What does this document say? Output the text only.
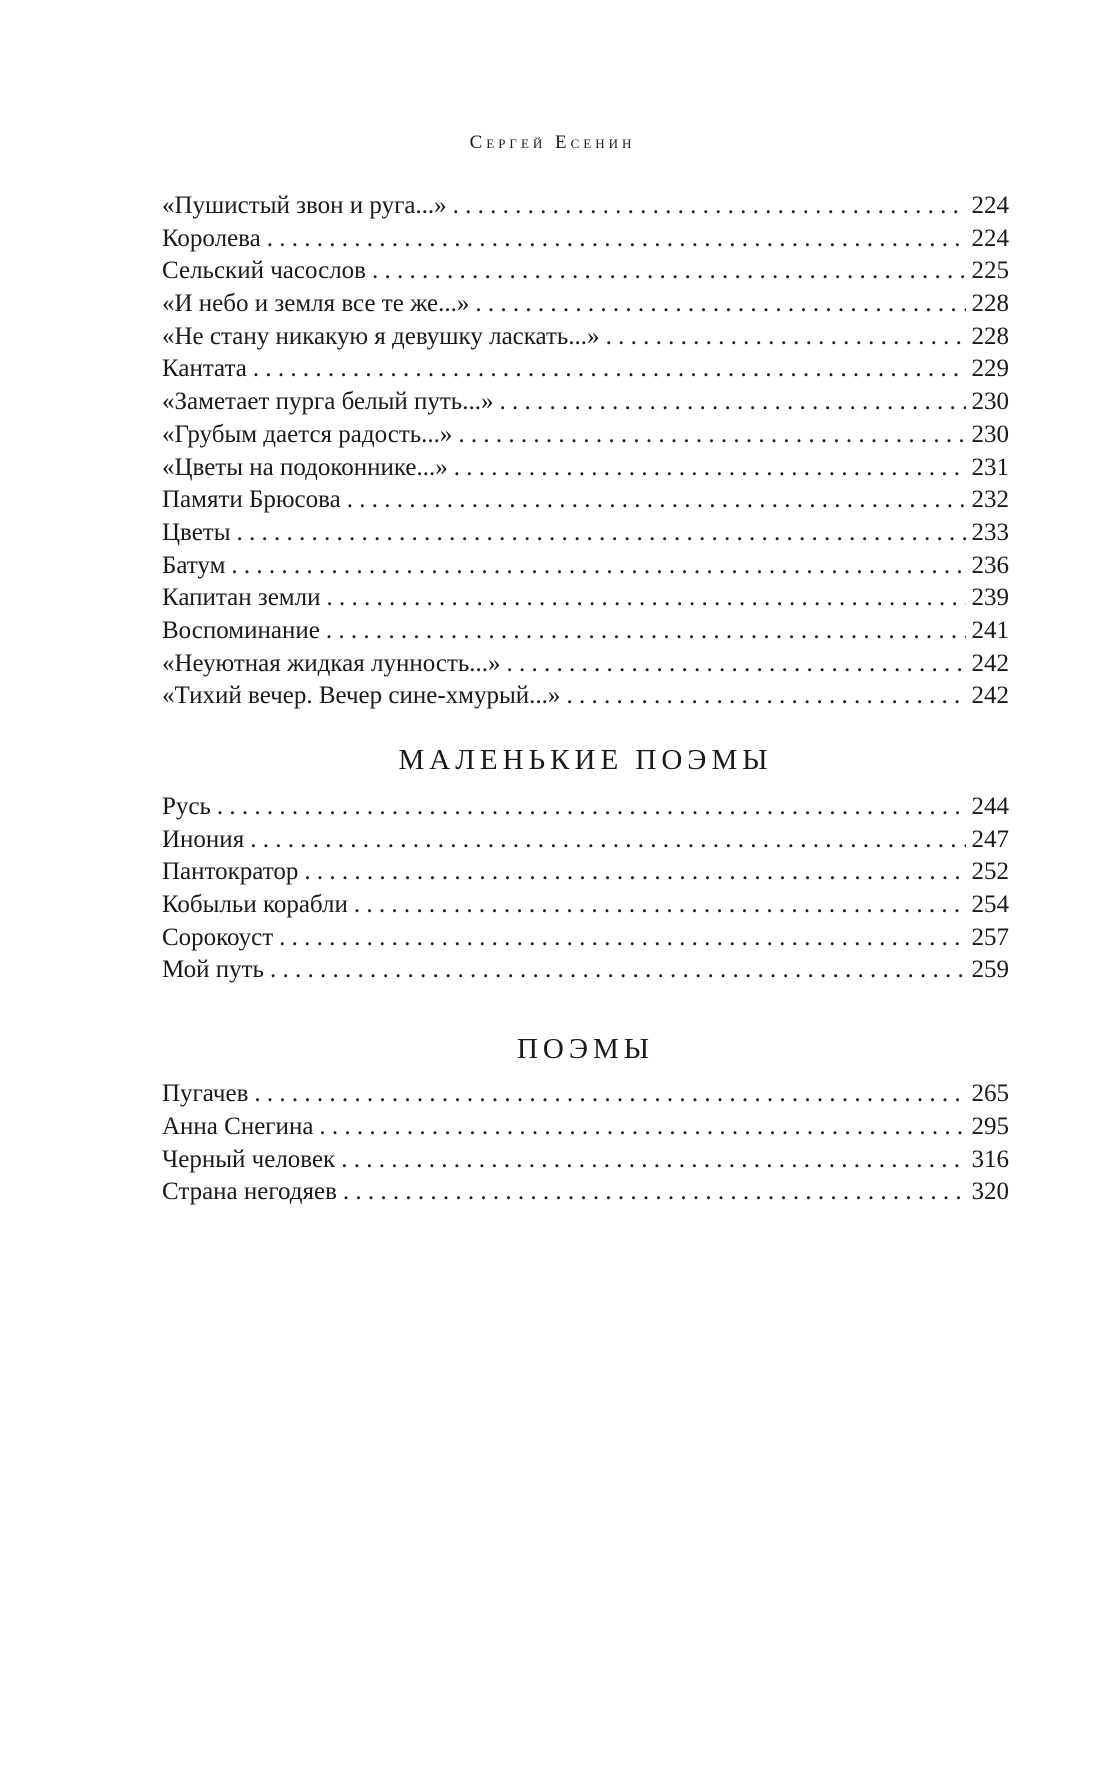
Сергей Есенин
«Пушистый звон и руга...» . . .	224
Королева . . .	224
Сельский часослов . . .	225
«И небо и земля все те же...» . . .	228
«Не стану никакую я девушку ласкать...» . . .	228
Кантата . . .	229
«Заметает пурга белый путь...» . . .	230
«Грубым дается радость...» . . .	230
«Цветы на подоконнике...» . . .	231
Памяти Брюсова . . .	232
Цветы . . .	233
Батум . . .	236
Капитан земли . . .	239
Воспоминание . . .	241
«Неуютная жидкая лунность...» . . .	242
«Тихий вечер. Вечер сине-хмурый...» . . .	242
МАЛЕНЬКИЕ ПОЭМЫ
Русь . . .	244
Инония . . .	247
Пантократор . . .	252
Кобыльи корабли . . .	254
Сорокоуст . . .	257
Мой путь . . .	259
ПОЭМЫ
Пугачев . . .	265
Анна Снегина . . .	295
Черный человек . . .	316
Страна негодяев . . .	320
